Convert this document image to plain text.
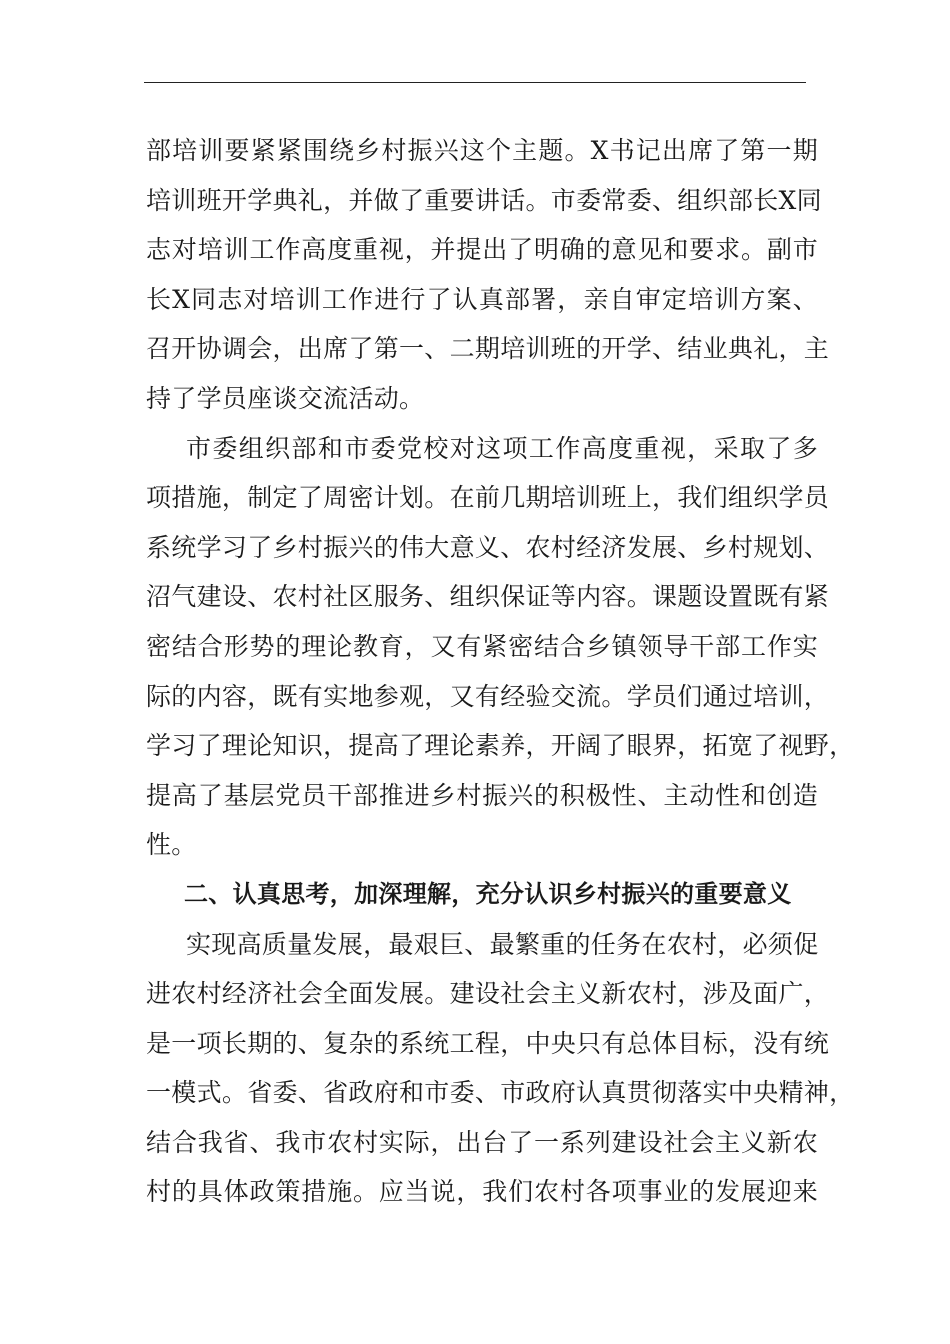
部培训要紧紧围绕乡村振兴这个主题。X书记出席了第一期
培训班开学典礼，并做了重要讲话。市委常委、组织部长X同
志对培训工作高度重视，并提出了明确的意见和要求。副市
长X同志对培训工作进行了认真部署，亲自审定培训方案、
召开协调会，出席了第一、二期培训班的开学、结业典礼，主
持了学员座谈交流活动。
市委组织部和市委党校对这项工作高度重视，采取了多
项措施，制定了周密计划。在前几期培训班上，我们组织学员
系统学习了乡村振兴的伟大意义、农村经济发展、乡村规划、
沼气建设、农村社区服务、组织保证等内容。课题设置既有紧
密结合形势的理论教育，又有紧密结合乡镇领导干部工作实
际的内容，既有实地参观，又有经验交流。学员们通过培训，
学习了理论知识，提高了理论素养，开阔了眼界，拓宽了视野，
提高了基层党员干部推进乡村振兴的积极性、主动性和创造
性。
二、认真思考，加深理解，充分认识乡村振兴的重要意义
实现高质量发展，最艰巨、最繁重的任务在农村，必须促
进农村经济社会全面发展。建设社会主义新农村，涉及面广，
是一项长期的、复杂的系统工程，中央只有总体目标，没有统
一模式。省委、省政府和市委、市政府认真贯彻落实中央精神，
结合我省、我市农村实际，出台了一系列建设社会主义新农
村的具体政策措施。应当说，我们农村各项事业的发展迎来
